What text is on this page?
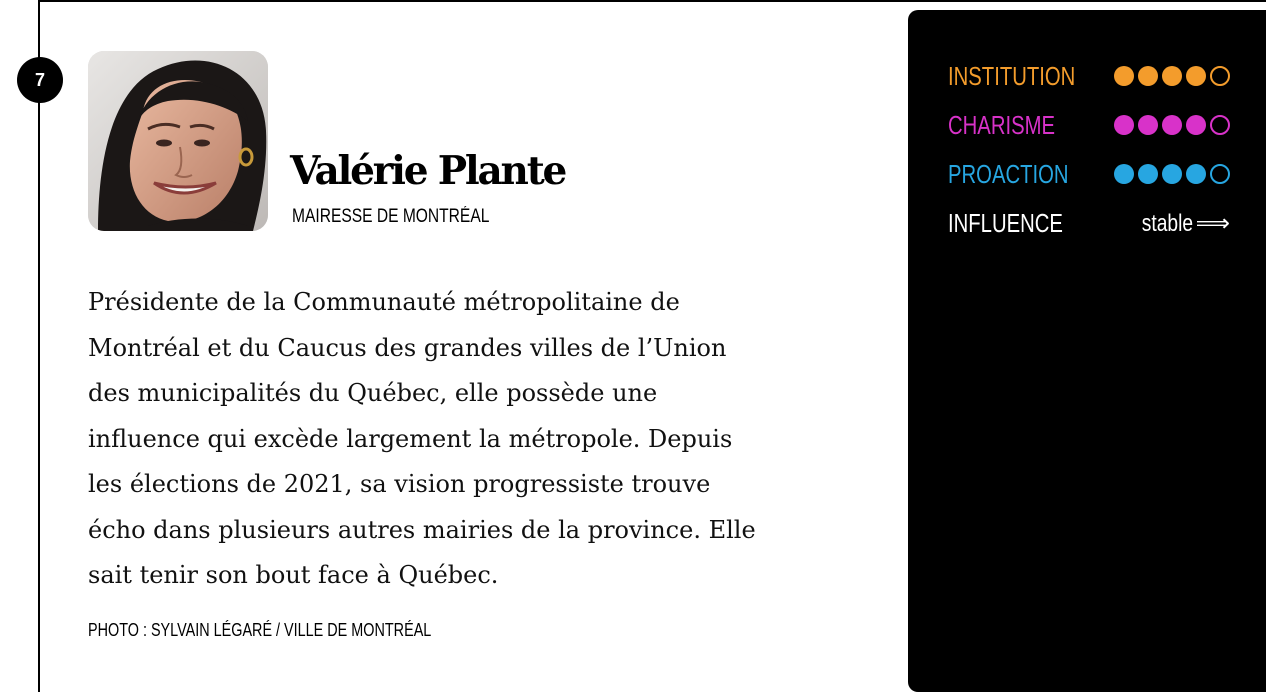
7
Valérie Plante
MAIRESSE DE MONTRÉAL
Présidente de la Communauté métropolitaine de
Montréal et du Caucus des grandes villes de l’Union
des municipalités du Québec, elle possède une
influence qui excède largement la métropole. Depuis
les élections de 2021, sa vision progressiste trouve
écho dans plusieurs autres mairies de la province. Elle
sait tenir son bout face à Québec.
PHOTO : SYLVAIN LÉGARÉ / VILLE DE MONTRÉAL
INSTITUTION
CHARISME
PROACTION
INFLUENCE	stable ⟹
